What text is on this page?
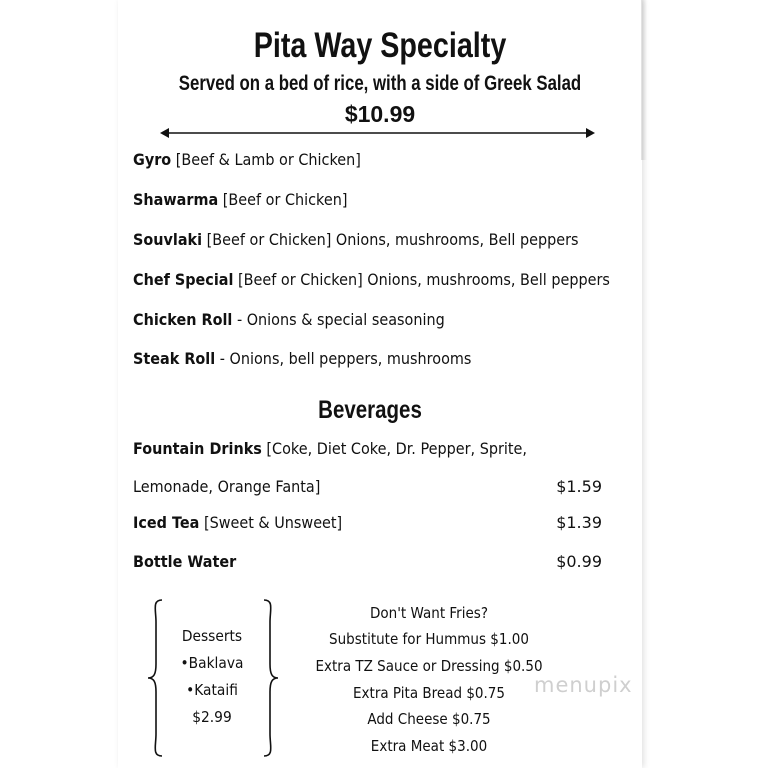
Pita Way Specialty
Served on a bed of rice, with a side of Greek Salad
$10.99
Gyro [Beef & Lamb or Chicken]
Shawarma [Beef or Chicken]
Souvlaki [Beef or Chicken] Onions, mushrooms, Bell peppers
Chef Special [Beef or Chicken] Onions, mushrooms, Bell peppers
Chicken Roll - Onions & special seasoning
Steak Roll - Onions, bell peppers, mushrooms
Beverages
Fountain Drinks [Coke, Diet Coke, Dr. Pepper, Sprite,
Lemonade, Orange Fanta]	$1.59
Iced Tea [Sweet & Unsweet]	$1.39
Bottle Water	$0.99
Desserts
•Baklava
•Kataifi
$2.99
Don't Want Fries?
Substitute for Hummus $1.00
Extra TZ Sauce or Dressing $0.50
Extra Pita Bread $0.75
Add Cheese $0.75
Extra Meat $3.00
menupix
